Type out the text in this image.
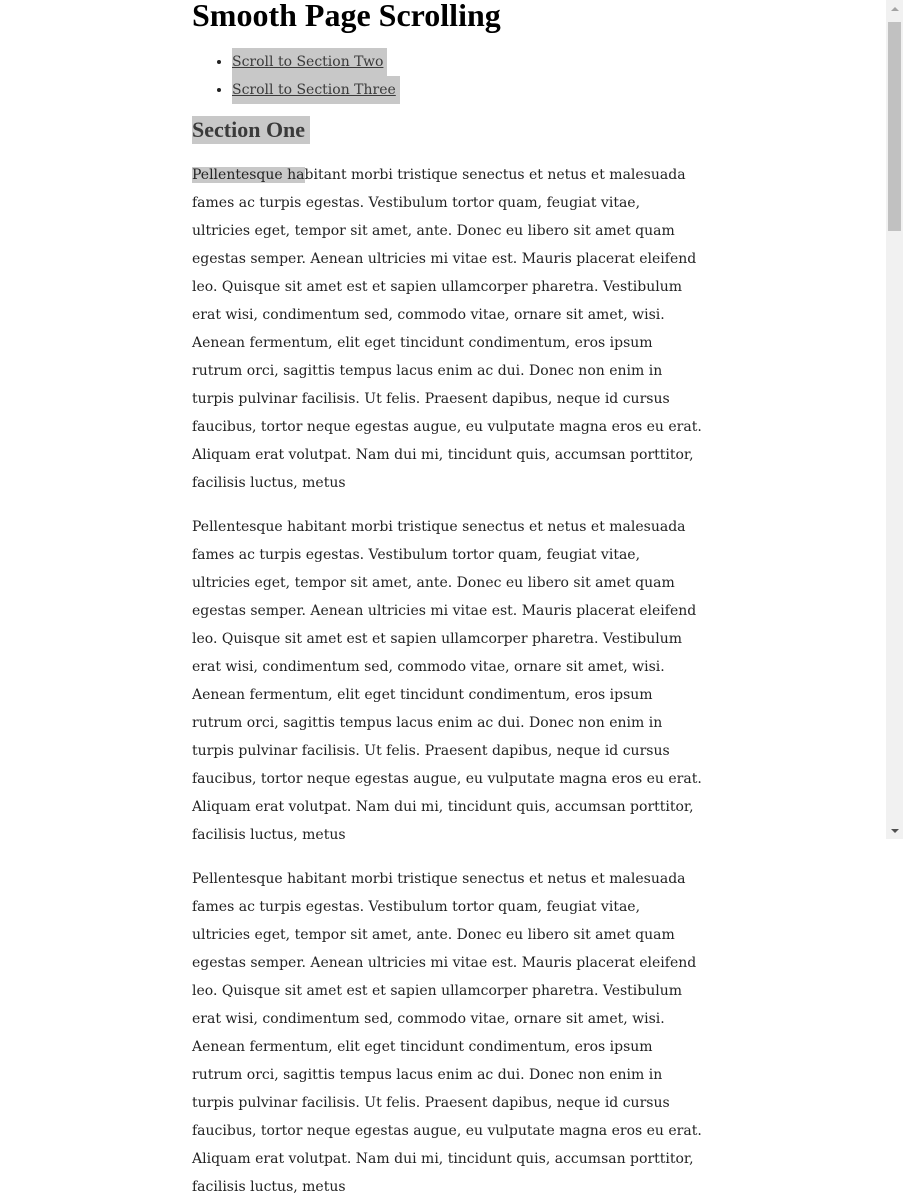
Smooth Page Scrolling
• Scroll to Section Two
• Scroll to Section Three
Section One

Pellentesque habitant morbi tristique senectus et netus et malesuada fames ac turpis egestas. Vestibulum tortor quam, feugiat vitae, ultricies eget, tempor sit amet, ante. Donec eu libero sit amet quam egestas semper. Aenean ultricies mi vitae est. Mauris placerat eleifend leo. Quisque sit amet est et sapien ullamcorper pharetra. Vestibulum erat wisi, condimentum sed, commodo vitae, ornare sit amet, wisi. Aenean fermentum, elit eget tincidunt condimentum, eros ipsum rutrum orci, sagittis tempus lacus enim ac dui. Donec non enim in turpis pulvinar facilisis. Ut felis. Praesent dapibus, neque id cursus faucibus, tortor neque egestas augue, eu vulputate magna eros eu erat. Aliquam erat volutpat. Nam dui mi, tincidunt quis, accumsan porttitor, facilisis luctus, metus

Pellentesque habitant morbi tristique senectus et netus et malesuada fames ac turpis egestas. Vestibulum tortor quam, feugiat vitae, ultricies eget, tempor sit amet, ante. Donec eu libero sit amet quam egestas semper. Aenean ultricies mi vitae est. Mauris placerat eleifend leo. Quisque sit amet est et sapien ullamcorper pharetra. Vestibulum erat wisi, condimentum sed, commodo vitae, ornare sit amet, wisi. Aenean fermentum, elit eget tincidunt condimentum, eros ipsum rutrum orci, sagittis tempus lacus enim ac dui. Donec non enim in turpis pulvinar facilisis. Ut felis. Praesent dapibus, neque id cursus faucibus, tortor neque egestas augue, eu vulputate magna eros eu erat. Aliquam erat volutpat. Nam dui mi, tincidunt quis, accumsan porttitor, facilisis luctus, metus

Pellentesque habitant morbi tristique senectus et netus et malesuada fames ac turpis egestas. Vestibulum tortor quam, feugiat vitae, ultricies eget, tempor sit amet, ante. Donec eu libero sit amet quam egestas semper. Aenean ultricies mi vitae est. Mauris placerat eleifend leo. Quisque sit amet est et sapien ullamcorper pharetra. Vestibulum erat wisi, condimentum sed, commodo vitae, ornare sit amet, wisi. Aenean fermentum, elit eget tincidunt condimentum, eros ipsum rutrum orci, sagittis tempus lacus enim ac dui. Donec non enim in turpis pulvinar facilisis. Ut felis. Praesent dapibus, neque id cursus faucibus, tortor neque egestas augue, eu vulputate magna eros eu erat. Aliquam erat volutpat. Nam dui mi, tincidunt quis, accumsan porttitor, facilisis luctus, metus
